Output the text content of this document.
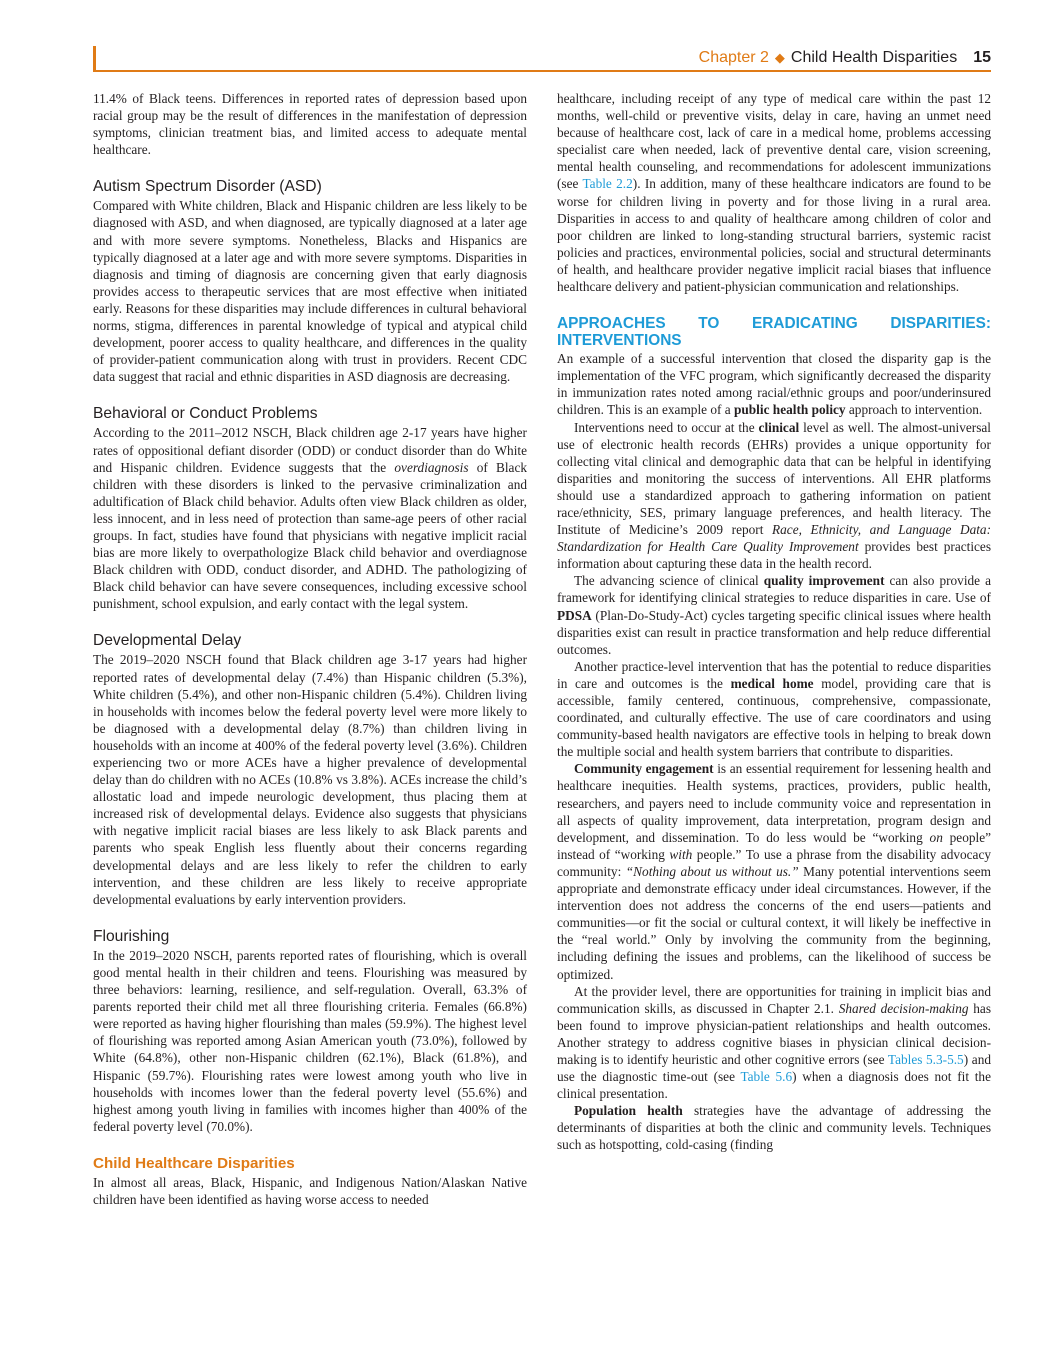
Chapter 2 ◆ Child Health Disparities 15

11.4% of Black teens. Differences in reported rates of depression based upon racial group may be the result of differences in the manifestation of depression symptoms, clinician treatment bias, and limited access to adequate mental healthcare.

Autism Spectrum Disorder (ASD)

Compared with White children, Black and Hispanic children are less likely to be diagnosed with ASD, and when diagnosed, are typically diagnosed at a later age and with more severe symptoms. Nonetheless, Blacks and Hispanics are typically diagnosed at a later age and with more severe symptoms. Disparities in diagnosis and timing of diagnosis are concerning given that early diagnosis provides access to therapeutic services that are most effective when initiated early. Reasons for these disparities may include differences in cultural behavioral norms, stigma, differences in parental knowledge of typical and atypical child development, poorer access to quality healthcare, and differences in the quality of provider-patient communication along with trust in providers. Recent CDC data suggest that racial and ethnic disparities in ASD diagnosis are decreasing.

Behavioral or Conduct Problems

According to the 2011–2012 NSCH, Black children age 2-17 years have higher rates of oppositional defiant disorder (ODD) or conduct disorder than do White and Hispanic children. Evidence suggests that the overdiagnosis of Black children with these disorders is linked to the pervasive criminalization and adultification of Black child behavior. Adults often view Black children as older, less innocent, and in less need of protection than same-age peers of other racial groups. In fact, studies have found that physicians with negative implicit racial bias are more likely to overpathologize Black child behavior and overdiagnose Black children with ODD, conduct disorder, and ADHD. The pathologizing of Black child behavior can have severe consequences, including excessive school punishment, school expulsion, and early contact with the legal system.

Developmental Delay

The 2019–2020 NSCH found that Black children age 3-17 years had higher reported rates of developmental delay (7.4%) than Hispanic children (5.3%), White children (5.4%), and other non-Hispanic children (5.4%). Children living in households with incomes below the federal poverty level were more likely to be diagnosed with a developmental delay (8.7%) than children living in households with an income at 400% of the federal poverty level (3.6%). Children experiencing two or more ACEs have a higher prevalence of developmental delay than do children with no ACEs (10.8% vs 3.8%). ACEs increase the child’s allostatic load and impede neurologic development, thus placing them at increased risk of developmental delays. Evidence also suggests that physicians with negative implicit racial biases are less likely to ask Black parents and parents who speak English less fluently about their concerns regarding developmental delays and are less likely to refer the children to early intervention, and these children are less likely to receive appropriate developmental evaluations by early intervention providers.

Flourishing

In the 2019–2020 NSCH, parents reported rates of flourishing, which is overall good mental health in their children and teens. Flourishing was measured by three behaviors: learning, resilience, and self-regulation. Overall, 63.3% of parents reported their child met all three flourishing criteria. Females (66.8%) were reported as having higher flourishing than males (59.9%). The highest level of flourishing was reported among Asian American youth (73.0%), followed by White (64.8%), other non-Hispanic children (62.1%), Black (61.8%), and Hispanic (59.7%). Flourishing rates were lowest among youth who live in households with incomes lower than the federal poverty level (55.6%) and highest among youth living in families with incomes higher than 400% of the federal poverty level (70.0%).

Child Healthcare Disparities

In almost all areas, Black, Hispanic, and Indigenous Nation/Alaskan Native children have been identified as having worse access to needed

healthcare, including receipt of any type of medical care within the past 12 months, well-child or preventive visits, delay in care, having an unmet need because of healthcare cost, lack of care in a medical home, problems accessing specialist care when needed, lack of preventive dental care, vision screening, mental health counseling, and recommendations for adolescent immunizations (see Table 2.2). In addition, many of these healthcare indicators are found to be worse for children living in poverty and for those living in a rural area. Disparities in access to and quality of healthcare among children of color and poor children are linked to long-standing structural barriers, systemic racist policies and practices, environmental policies, social and structural determinants of health, and healthcare provider negative implicit racial biases that influence healthcare delivery and patient-physician communication and relationships.

APPROACHES TO ERADICATING DISPARITIES: INTERVENTIONS

An example of a successful intervention that closed the disparity gap is the implementation of the VFC program, which significantly decreased the disparity in immunization rates noted among racial/ethnic groups and poor/underinsured children. This is an example of a public health policy approach to intervention.

Interventions need to occur at the clinical level as well. The almost-universal use of electronic health records (EHRs) provides a unique opportunity for collecting vital clinical and demographic data that can be helpful in identifying disparities and monitoring the success of interventions. All EHR platforms should use a standardized approach to gathering information on patient race/ethnicity, SES, primary language preferences, and health literacy. The Institute of Medicine’s 2009 report Race, Ethnicity, and Language Data: Standardization for Health Care Quality Improvement provides best practices information about capturing these data in the health record.

The advancing science of clinical quality improvement can also provide a framework for identifying clinical strategies to reduce disparities in care. Use of PDSA (Plan-Do-Study-Act) cycles targeting specific clinical issues where health disparities exist can result in practice transformation and help reduce differential outcomes.

Another practice-level intervention that has the potential to reduce disparities in care and outcomes is the medical home model, providing care that is accessible, family centered, continuous, comprehensive, compassionate, coordinated, and culturally effective. The use of care coordinators and using community-based health navigators are effective tools in helping to break down the multiple social and health system barriers that contribute to disparities.

Community engagement is an essential requirement for lessening health and healthcare inequities. Health systems, practices, providers, public health, researchers, and payers need to include community voice and representation in all aspects of quality improvement, data interpretation, program design and development, and dissemination. To do less would be “working on people” instead of “working with people.” To use a phrase from the disability advocacy community: “Nothing about us without us.” Many potential interventions seem appropriate and demonstrate efficacy under ideal circumstances. However, if the intervention does not address the concerns of the end users—patients and communities—or fit the social or cultural context, it will likely be ineffective in the “real world.” Only by involving the community from the beginning, including defining the issues and problems, can the likelihood of success be optimized.

At the provider level, there are opportunities for training in implicit bias and communication skills, as discussed in Chapter 2.1. Shared decision-making has been found to improve physician-patient relationships and health outcomes. Another strategy to address cognitive biases in physician clinical decision-making is to identify heuristic and other cognitive errors (see Tables 5.3-5.5) and use the diagnostic time-out (see Table 5.6) when a diagnosis does not fit the clinical presentation.

Population health strategies have the advantage of addressing the determinants of disparities at both the clinic and community levels. Techniques such as hotspotting, cold-casing (finding
